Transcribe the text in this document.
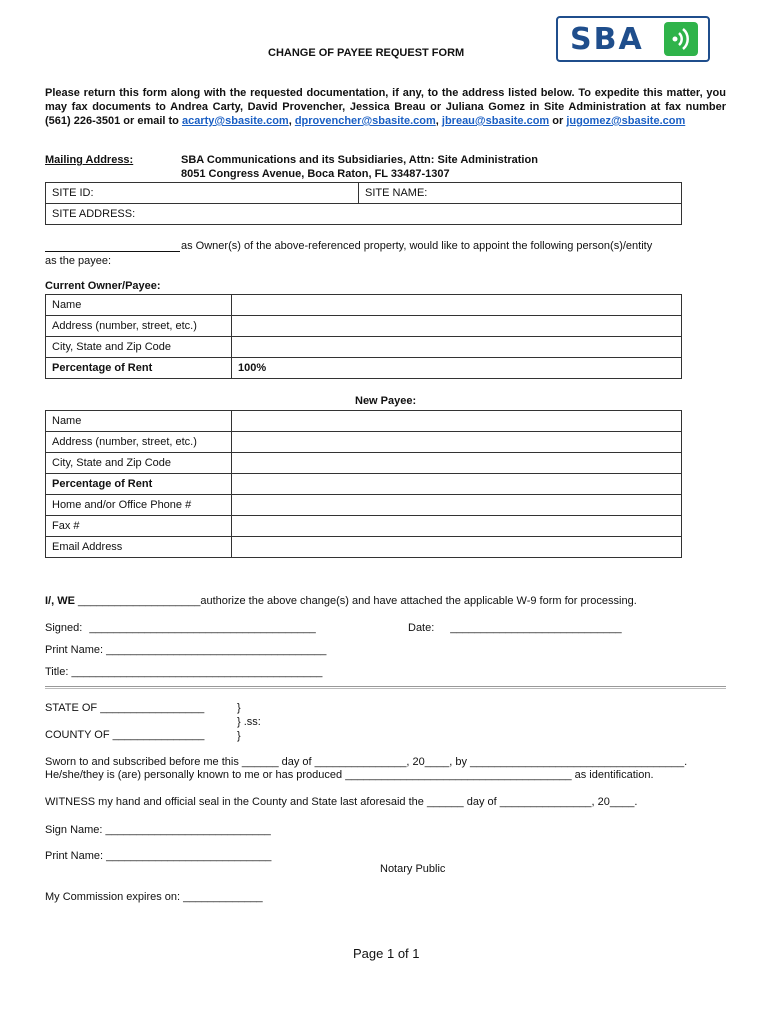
SBA
CHANGE OF PAYEE REQUEST FORM
Please return this form along with the requested documentation, if any, to the address listed below. To expedite this matter, you may fax documents to Andrea Carty, David Provencher, Jessica Breau or Juliana Gomez in Site Administration at fax number (561) 226-3501 or email to acarty@sbasite.com, dprovencher@sbasite.com, jbreau@sbasite.com or jugomez@sbasite.com
Mailing Address:	SBA Communications and its Subsidiaries, Attn: Site Administration
8051 Congress Avenue, Boca Raton, FL 33487-1307
SITE ID:	SITE NAME:
SITE ADDRESS:
as Owner(s) of the above-referenced property, would like to appoint the following person(s)/entity
as the payee:
Current Owner/Payee:
Name	
Address (number, street, etc.)	
City, State and Zip Code	
Percentage of Rent	100%
New Payee:
Name	
Address (number, street, etc.)	
City, State and Zip Code	
Percentage of Rent	
Home and/or Office Phone #	
Fax #	
Email Address	
I/, WE ____________________authorize the above change(s) and have attached the applicable W-9 form for processing.
Signed: _____________________________________	Date: ____________________________
Print Name: ____________________________________
Title: _________________________________________
STATE OF _________________
COUNTY OF _______________
}
} .ss:
}
Sworn to and subscribed before me this ______ day of _______________, 20____, by ___________________________________.
He/she/they is (are) personally known to me or has produced _____________________________________ as identification.
WITNESS my hand and official seal in the County and State last aforesaid the ______ day of _______________, 20____.
Sign Name: ___________________________
Print Name: ___________________________
Notary Public
My Commission expires on: _____________
Page 1 of 1
